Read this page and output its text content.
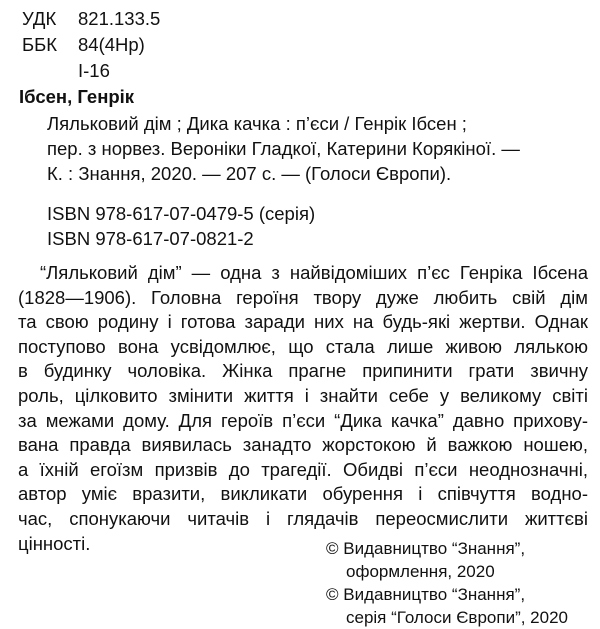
УДК 821.133.5
ББК 84(4Нр)
І-16
Ібсен, Генрік
Ляльковий дім ; Дика качка : п’єси / Генрік Ібсен ;
пер. з норвез. Вероніки Гладкої, Катерини Корякіної. —
К. : Знання, 2020. — 207 с. — (Голоси Європи).
ISBN 978-617-07-0479-5 (серія)
ISBN 978-617-07-0821-2
“Ляльковий дім” — одна з найвідоміших п’єс Генріка Ібсена
(1828—1906). Головна героїня твору дуже любить свій дім
та свою родину і готова заради них на будь-які жертви. Однак
поступово вона усвідомлює, що стала лише живою лялькою
в будинку чоловіка. Жінка прагне припинити грати звичну
роль, цілковито змінити життя і знайти себе у великому світі
за межами дому. Для героїв п’єси “Дика качка” давно прихову-
вана правда виявилась занадто жорстокою й важкою ношею,
а їхній егоїзм призвів до трагедії. Обидві п’єси неоднозначні,
автор уміє вразити, викликати обурення і співчуття водно-
час, спонукаючи читачів і глядачів переосмислити життєві
цінності.	© Видавництво “Знання”,
оформлення, 2020
© Видавництво “Знання”,
серія “Голоси Європи”, 2020
